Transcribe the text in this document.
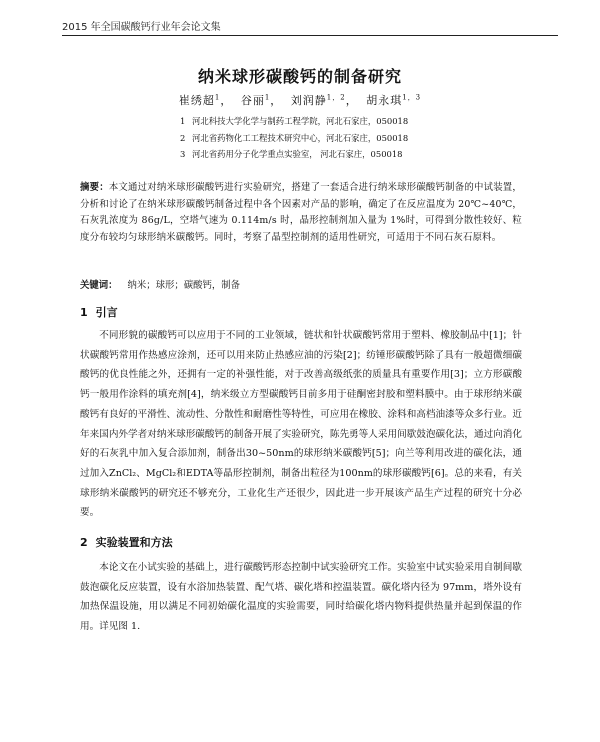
2015 年全国碳酸钙行业年会论文集
纳米球形碳酸钙的制备研究
崔绣超$^1$， 谷丽$^1$， 刘润静$^{1,2}$， 胡永琪$^{1,3}$
1 河北科技大学化学与制药工程学院，河北石家庄，050018
2 河北省药物化工工程技术研究中心，河北石家庄，050018
3 河北省药用分子化学重点实验室， 河北石家庄，050018
摘要：本文通过对纳米球形碳酸钙进行实验研究，搭建了一套适合进行纳米球形碳酸钙制备的中试装置，分析和讨论了在纳米球形碳酸钙制备过程中各个因素对产品的影响，确定了在反应温度为 20℃~40℃，石灰乳浓度为 86g/L，空塔气速为 0.114m/s 时，晶形控制剂加入量为 1%时，可得到分散性较好、粒度分布较均匀球形纳米碳酸钙。同时，考察了晶型控制剂的适用性研究，可适用于不同石灰石原料。
关键词： 纳米；球形；碳酸钙，制备
1 引言
不同形貌的碳酸钙可以应用于不同的工业领域，链状和针状碳酸钙常用于塑料、橡胶制品中[1]；针状碳酸钙常用作热感应涂剂，还可以用来防止热感应油的污染[2]；纺锤形碳酸钙除了具有一般超微细碳酸钙的优良性能之外，还拥有一定的补强性能，对于改善高级纸张的质量具有重要作用[3]；立方形碳酸钙一般用作涂料的填充剂[4]，纳米级立方型碳酸钙目前多用于硅酮密封胶和塑料膜中。由于球形纳米碳酸钙有良好的平滑性、流动性、分散性和耐磨性等特性，可应用在橡胶、涂料和高档油漆等众多行业。近年来国内外学者对纳米球形碳酸钙的制备开展了实验研究，陈先勇等人采用间歇鼓泡碳化法，通过向消化好的石灰乳中加入复合添加剂，制备出30~50nm的球形纳米碳酸钙[5]；向兰等利用改进的碳化法，通过加入ZnCl₂、MgCl₂和EDTA等晶形控制剂，制备出粒径为100nm的球形碳酸钙[6]。总的来看，有关球形纳米碳酸钙的研究还不够充分，工业化生产还很少，因此进一步开展该产品生产过程的研究十分必要。
2 实验装置和方法
本论文在小试实验的基础上，进行碳酸钙形态控制中试实验研究工作。实验室中试实验采用自制间歇鼓泡碳化反应装置，设有水浴加热装置、配气塔、碳化塔和控温装置。碳化塔内径为 97mm，塔外设有加热保温设施，用以满足不同初始碳化温度的实验需要，同时给碳化塔内物料提供热量并起到保温的作用。详见图 1.
